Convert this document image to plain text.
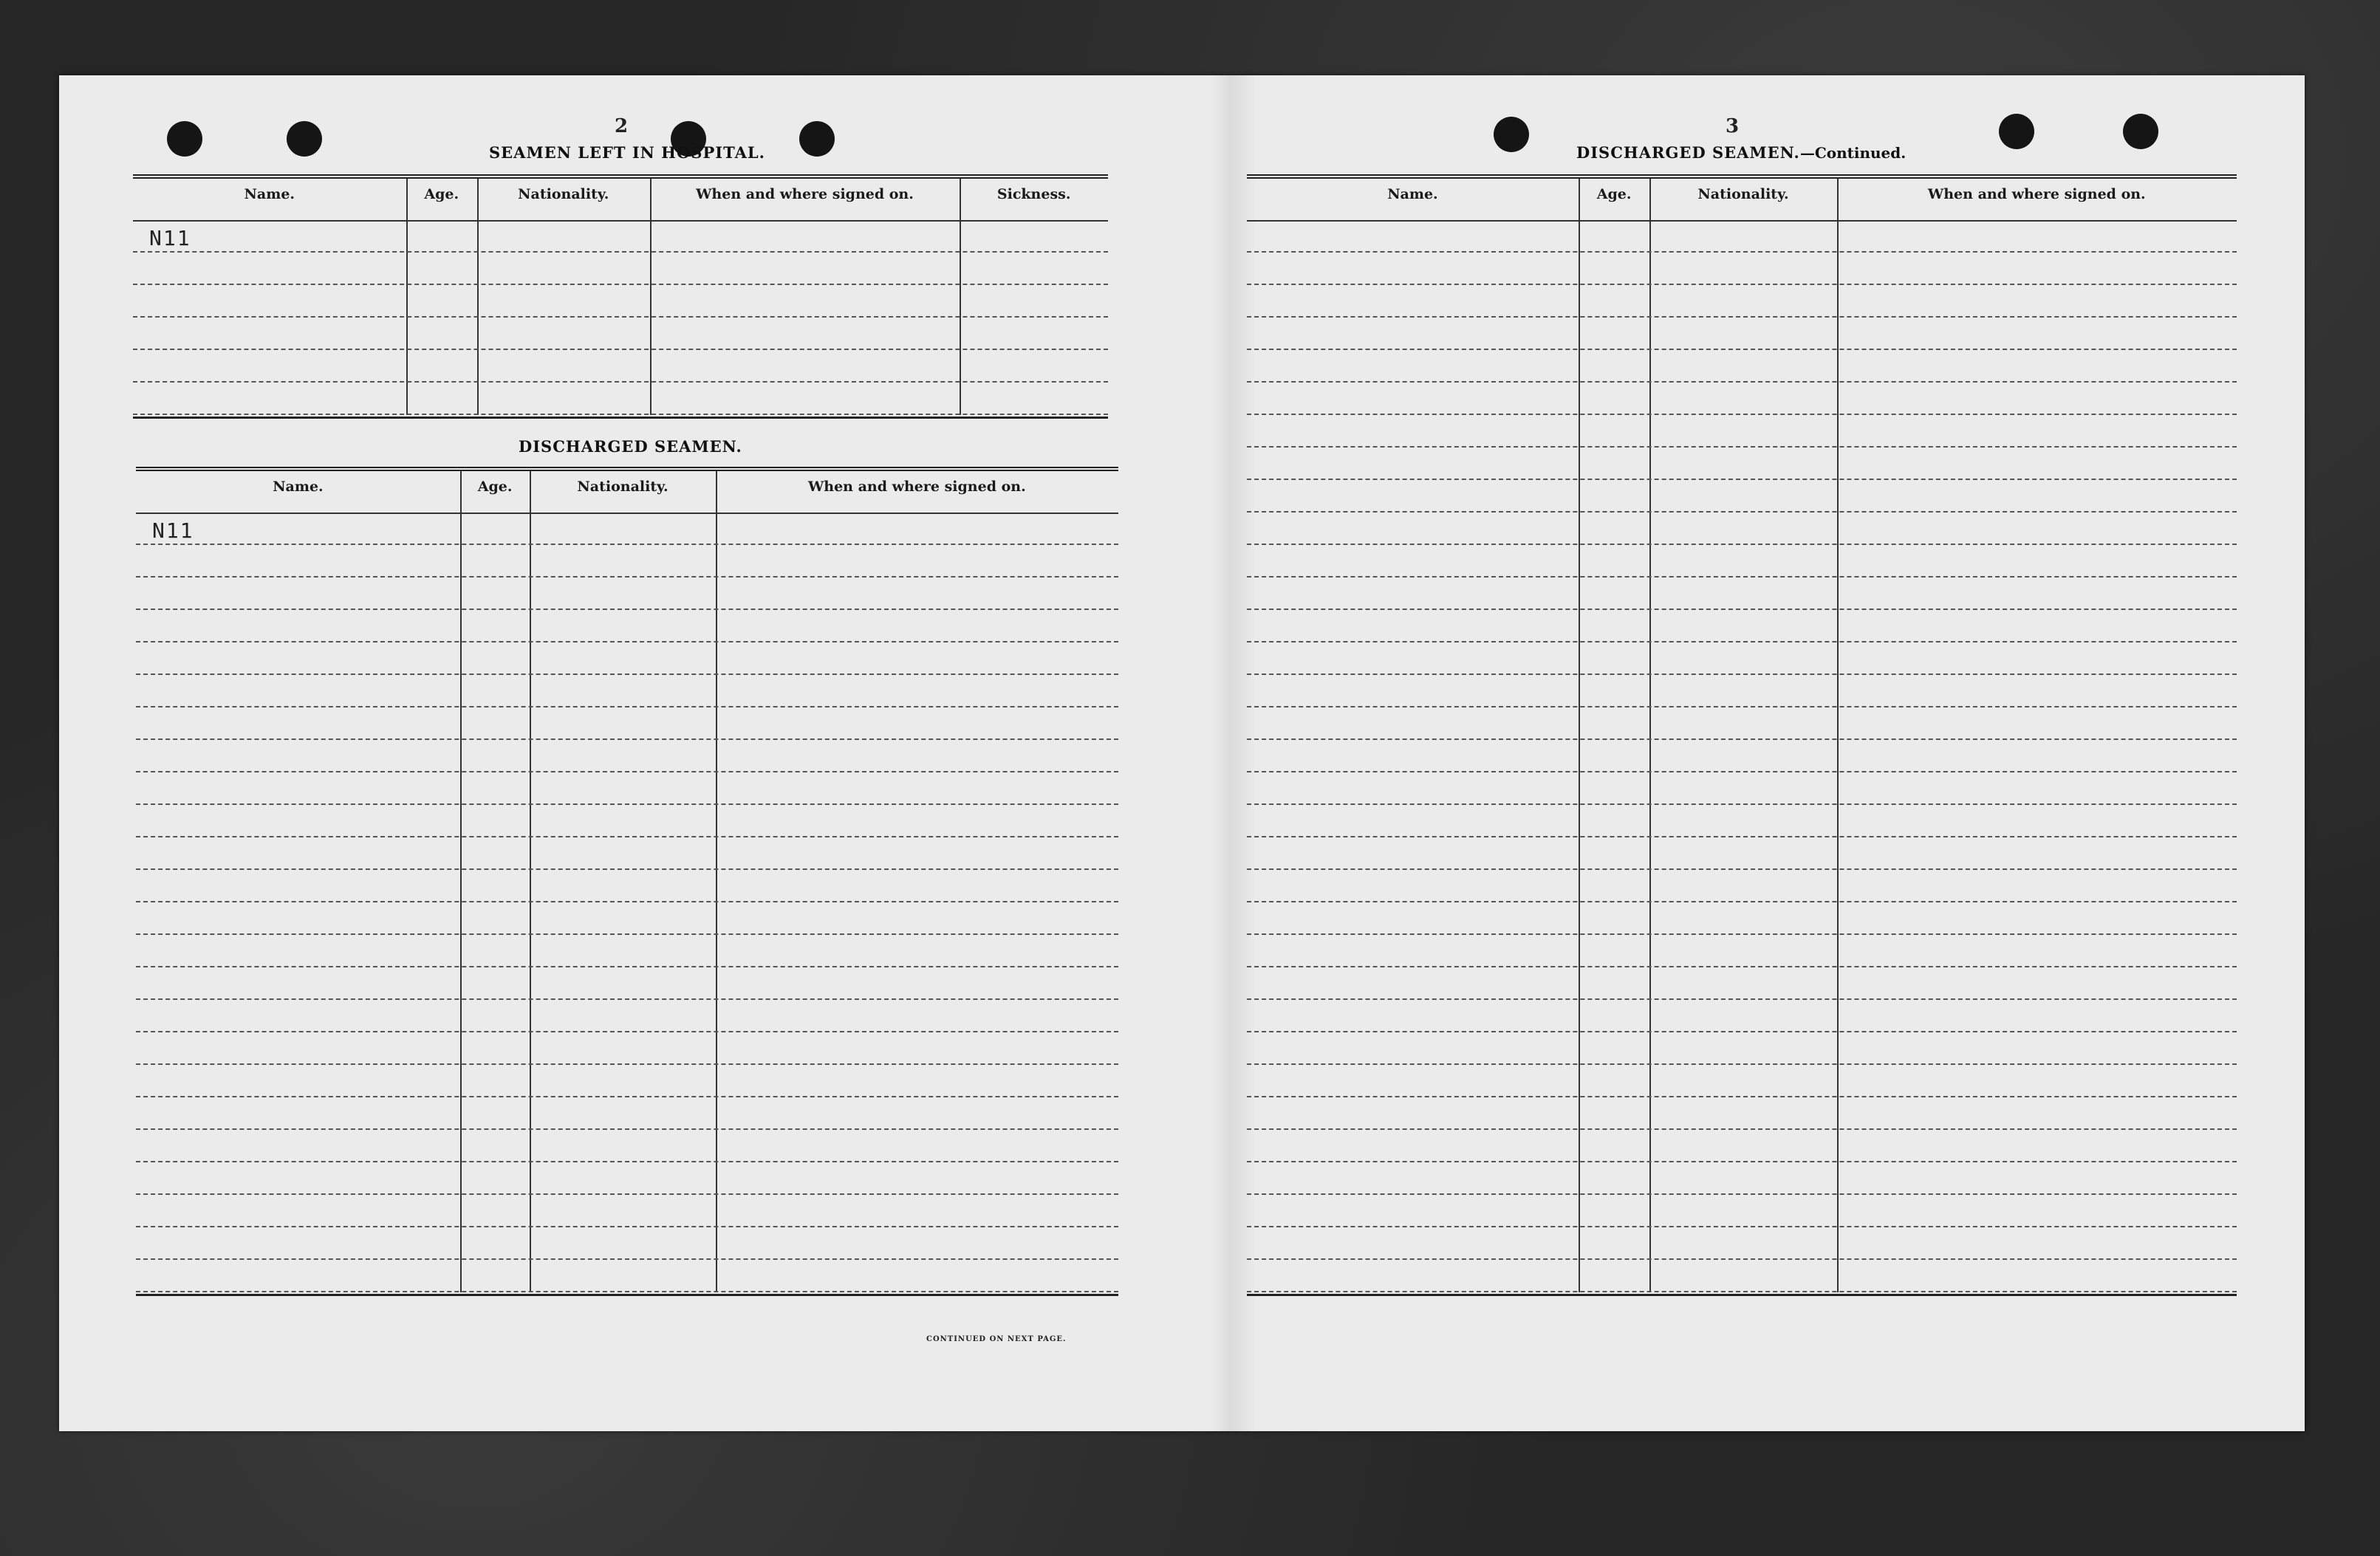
2
SEAMEN LEFT IN HOSPITAL.
Name.	Age.	Nationality.	When and where signed on.	Sickness.
N11
DISCHARGED SEAMEN.
Name.	Age.	Nationality.	When and where signed on.
N11
CONTINUED ON NEXT PAGE.
3
DISCHARGED SEAMEN.—Continued.
Name.	Age.	Nationality.	When and where signed on.
